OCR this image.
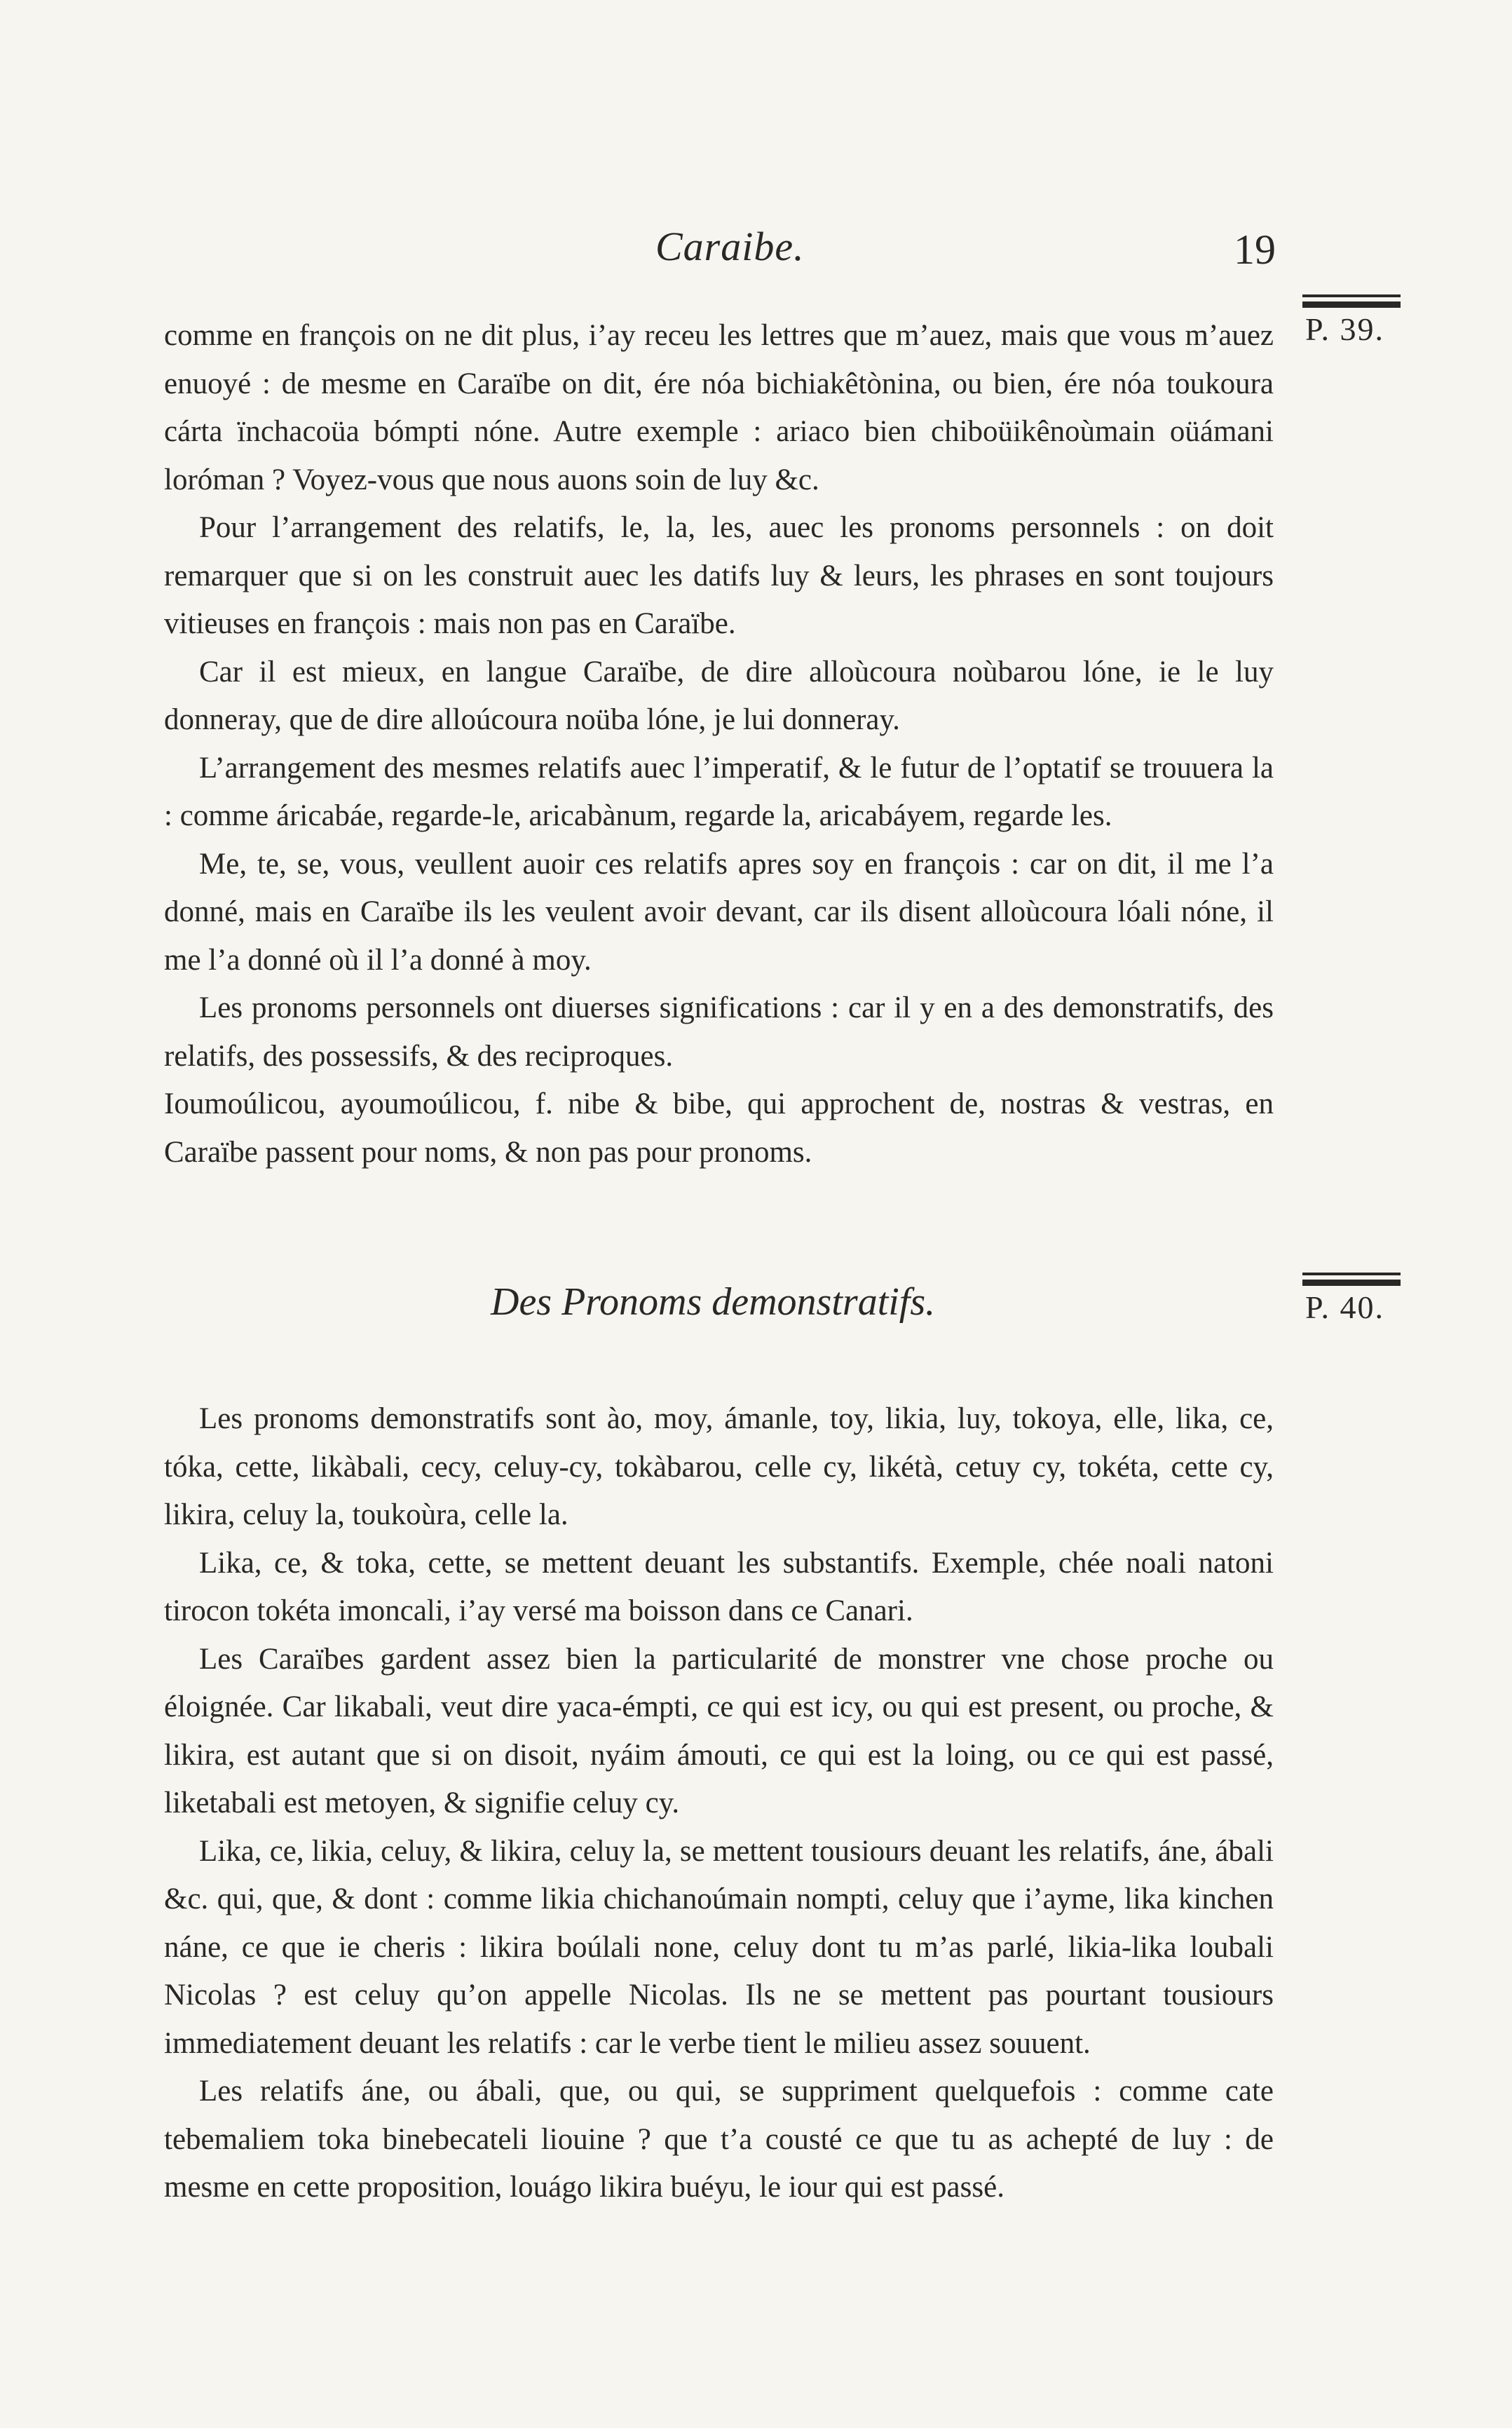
Caraibe.	19
P. 39.

comme en françois on ne dit plus, i’ay receu les lettres que m’auez, mais que vous m’auez enuoyé : de mesme en Caraïbe on dit, ére nóa bichiakêtònina, ou bien, ére nóa toukoura cárta ïnchacoüa bómpti nóne. Autre exemple : ariaco bien chiboüikênoùmain oüámani loróman ? Voyez-vous que nous auons soin de luy &c.

Pour l’arrangement des relatifs, le, la, les, auec les pronoms personnels : on doit remarquer que si on les construit auec les datifs luy & leurs, les phrases en sont toujours vitieuses en françois : mais non pas en Caraïbe.

Car il est mieux, en langue Caraïbe, de dire alloùcoura noùbarou lóne, ie le luy donneray, que de dire alloúcoura noüba lóne, je lui donneray.

L’arrangement des mesmes relatifs auec l’imperatif, & le futur de l’optatif se trouuera la : comme áricabáe, regarde-le, aricabànum, regarde la, aricabáyem, regarde les.

Me, te, se, vous, veullent auoir ces relatifs apres soy en françois : car on dit, il me l’a donné, mais en Caraïbe ils les veulent avoir devant, car ils disent alloùcoura lóali nóne, il me l’a donné où il l’a donné à moy.

Les pronoms personnels ont diuerses significations : car il y en a des demonstratifs, des relatifs, des possessifs, & des reciproques.

Ioumoúlicou, ayoumoúlicou, f. nibe & bibe, qui approchent de, nostras & vestras, en Caraïbe passent pour noms, & non pas pour pronoms.

Des Pronoms demonstratifs.	P. 40.

Les pronoms demonstratifs sont ào, moy, ámanle, toy, likia, luy, tokoya, elle, lika, ce, tóka, cette, likàbali, cecy, celuy-cy, tokàbarou, celle cy, likétà, cetuy cy, tokéta, cette cy, likira, celuy la, toukoùra, celle la.

Lika, ce, & toka, cette, se mettent deuant les substantifs. Exemple, chée noali natoni tirocon tokéta imoncali, i’ay versé ma boisson dans ce Canari.

Les Caraïbes gardent assez bien la particularité de monstrer vne chose proche ou éloignée. Car likabali, veut dire yaca-émpti, ce qui est icy, ou qui est present, ou proche, & likira, est autant que si on disoit, nyáim ámouti, ce qui est la loing, ou ce qui est passé, liketabali est metoyen, & signifie celuy cy.

Lika, ce, likia, celuy, & likira, celuy la, se mettent tousiours deuant les relatifs, áne, ábali &c. qui, que, & dont : comme likia chichanoúmain nompti, celuy que i’ayme, lika kinchen náne, ce que ie cheris : likira boúlali none, celuy dont tu m’as parlé, likia-lika loubali Nicolas ? est celuy qu’on appelle Nicolas. Ils ne se mettent pas pourtant tousiours immediatement deuant les relatifs : car le verbe tient le milieu assez souuent.

Les relatifs áne, ou ábali, que, ou qui, se suppriment quelquefois : comme cate tebemaliem toka binebecateli liouine ? que t’a cousté ce que tu as achepté de luy : de mesme en cette proposition, louágo likira buéyu, le iour qui est passé.
